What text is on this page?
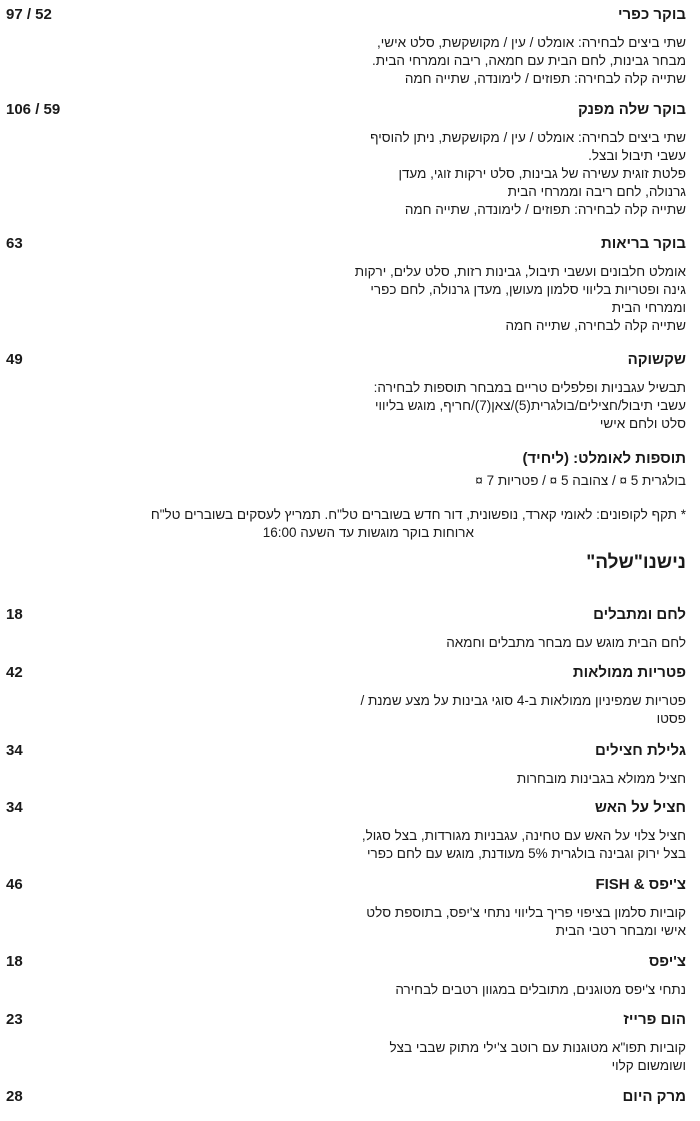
בוקר כפרי
97 / 52
שתי ביצים לבחירה: אומלט / עין / מקושקשת, סלט אישי,
מבחר גבינות, לחם הבית עם חמאה, ריבה וממרחי הבית.
שתייה קלה לבחירה: תפוזים / לימונדה, שתייה חמה
בוקר שלה מפנק
106 / 59
שתי ביצים לבחירה: אומלט / עין / מקושקשת, ניתן להוסיף
עשבי תיבול ובצל.
פלטת זוגית עשירה של גבינות, סלט ירקות זוגי, מעדן
גרנולה, לחם ריבה וממרחי הבית
שתייה קלה לבחירה: תפוזים / לימונדה, שתייה חמה
בוקר בריאות
63
אומלט חלבונים ועשבי תיבול, גבינות רזות, סלט עלים, ירקות
גינה ופטריות בליווי סלמון מעושן, מעדן גרנולה, לחם כפרי
וממרחי הבית
שתייה קלה לבחירה, שתייה חמה
שקשוקה
49
תבשיל עגבניות ופלפלים טריים במבחר תוספות לבחירה:
עשבי תיבול/חצילים/בולגרית(5)/צאן(7)/חריף, מוגש בליווי
סלט ולחם אישי
תוספות לאומלט: (ליחיד)
בולגרית 5 ¤ / צהובה 5 ¤ / פטריות 7 ¤
* תקף לקופונים: לאומי קארד, נופשונית, דור חדש בשוברים טל"ח. תמריץ לעסקים בשוברים טל"ח
ארוחות בוקר מוגשות עד השעה 16:00
נישנו"שלה"
לחם ומתבלים
18
לחם הבית מוגש עם מבחר מתבלים וחמאה
פטריות ממולאות
42
פטריות שמפיניון ממולאות ב-4 סוגי גבינות על מצע שמנת /
פסטו
גלילת חצילים
34
חציל ממולא בגבינות מובחרות
חציל על האש
34
חציל צלוי על האש עם טחינה, עגבניות מגורדות, בצל סגול,
בצל ירוק וגבינה בולגרית 5% מעודנת, מוגש עם לחם כפרי
צ'יפס & FISH
46
קוביות סלמון בציפוי פריך בליווי נתחי צ'יפס, בתוספת סלט
אישי ומבחר רטבי הבית
צ'יפס
18
נתחי צ'יפס מטוגנים, מתובלים במגוון רטבים לבחירה
הום פרייז
23
קוביות תפו"א מטוגנות עם רוטב צ'ילי מתוק שבבי בצל
ושומשום קלוי
מרק היום
28
